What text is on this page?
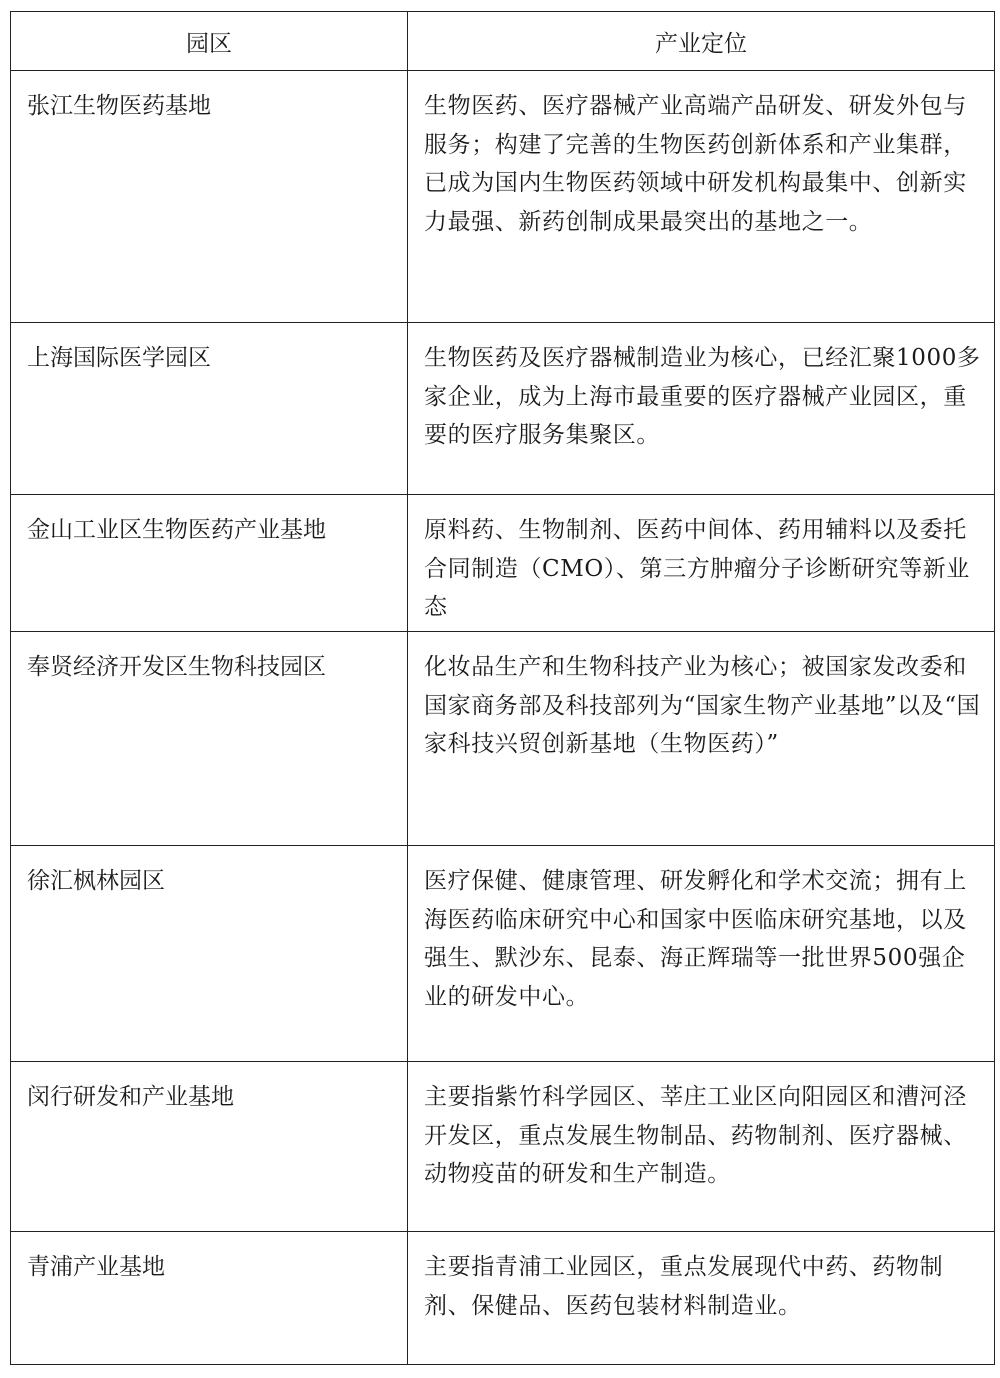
园区	产业定位
张江生物医药基地	生物医药、医疗器械产业高端产品研发、研发外包与服务；构建了完善的生物医药创新体系和产业集群，已成为国内生物医药领域中研发机构最集中、创新实力最强、新药创制成果最突出的基地之一。
上海国际医学园区	生物医药及医疗器械制造业为核心，已经汇聚1000多家企业，成为上海市最重要的医疗器械产业园区，重要的医疗服务集聚区。
金山工业区生物医药产业基地	原料药、生物制剂、医药中间体、药用辅料以及委托合同制造（CMO）、第三方肿瘤分子诊断研究等新业态
奉贤经济开发区生物科技园区	化妆品生产和生物科技产业为核心；被国家发改委和国家商务部及科技部列为“国家生物产业基地”以及“国家科技兴贸创新基地（生物医药）”
徐汇枫林园区	医疗保健、健康管理、研发孵化和学术交流；拥有上海医药临床研究中心和国家中医临床研究基地，以及强生、默沙东、昆泰、海正辉瑞等一批世界500强企业的研发中心。
闵行研发和产业基地	主要指紫竹科学园区、莘庄工业区向阳园区和漕河泾开发区，重点发展生物制品、药物制剂、医疗器械、动物疫苗的研发和生产制造。
青浦产业基地	主要指青浦工业园区，重点发展现代中药、药物制剂、保健品、医药包装材料制造业。
